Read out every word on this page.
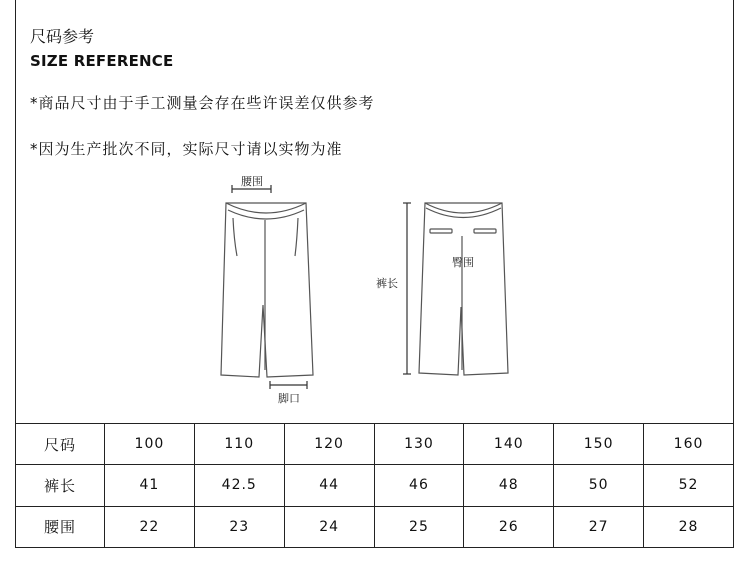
尺码参考
SIZE REFERENCE
*商品尺寸由于手工测量会存在些许误差仅供参考
*因为生产批次不同，实际尺寸请以实物为准
腰围
脚口
裤长
臀围
尺码	100	110	120	130	140	150	160
裤长	41	42.5	44	46	48	50	52
腰围	22	23	24	25	26	27	28
